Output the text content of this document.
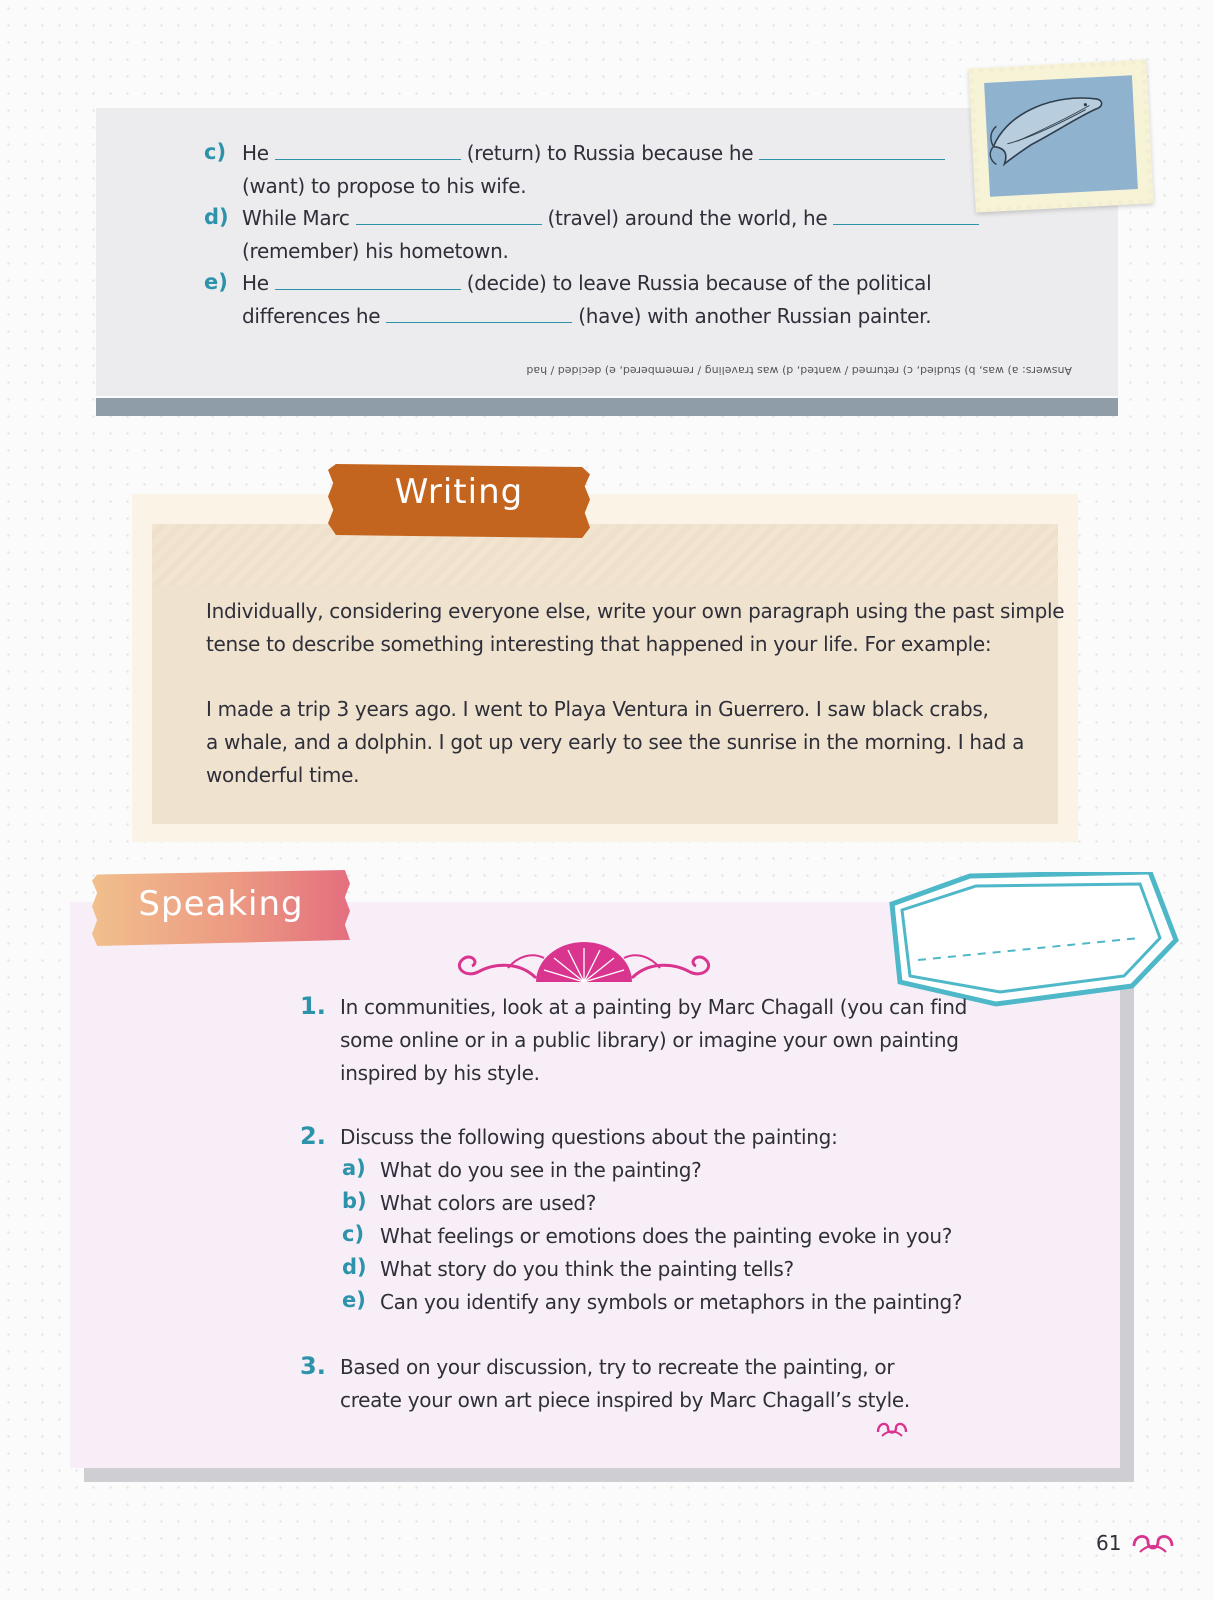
c) He	(return) to Russia because he
(want) to propose to his wife.
d) While Marc	(travel) around the world, he
(remember) his hometown.
e) He	(decide) to leave Russia because of the political
differences he	(have) with another Russian painter.
Answers: a) was, b) studied, c) returned / wanted, d) was traveling / remembered, e) decided / had
Writing
Individually, considering everyone else, write your own paragraph using the past simple
tense to describe something interesting that happened in your life. For example:
I made a trip 3 years ago. I went to Playa Ventura in Guerrero. I saw black crabs,
a whale, and a dolphin. I got up very early to see the sunrise in the morning. I had a
wonderful time.
Speaking
1. In communities, look at a painting by Marc Chagall (you can find
some online or in a public library) or imagine your own painting
inspired by his style.
2. Discuss the following questions about the painting:
a) What do you see in the painting?
b) What colors are used?
c) What feelings or emotions does the painting evoke in you?
d) What story do you think the painting tells?
e) Can you identify any symbols or metaphors in the painting?
3. Based on your discussion, try to recreate the painting, or
create your own art piece inspired by Marc Chagall’s style.
61
